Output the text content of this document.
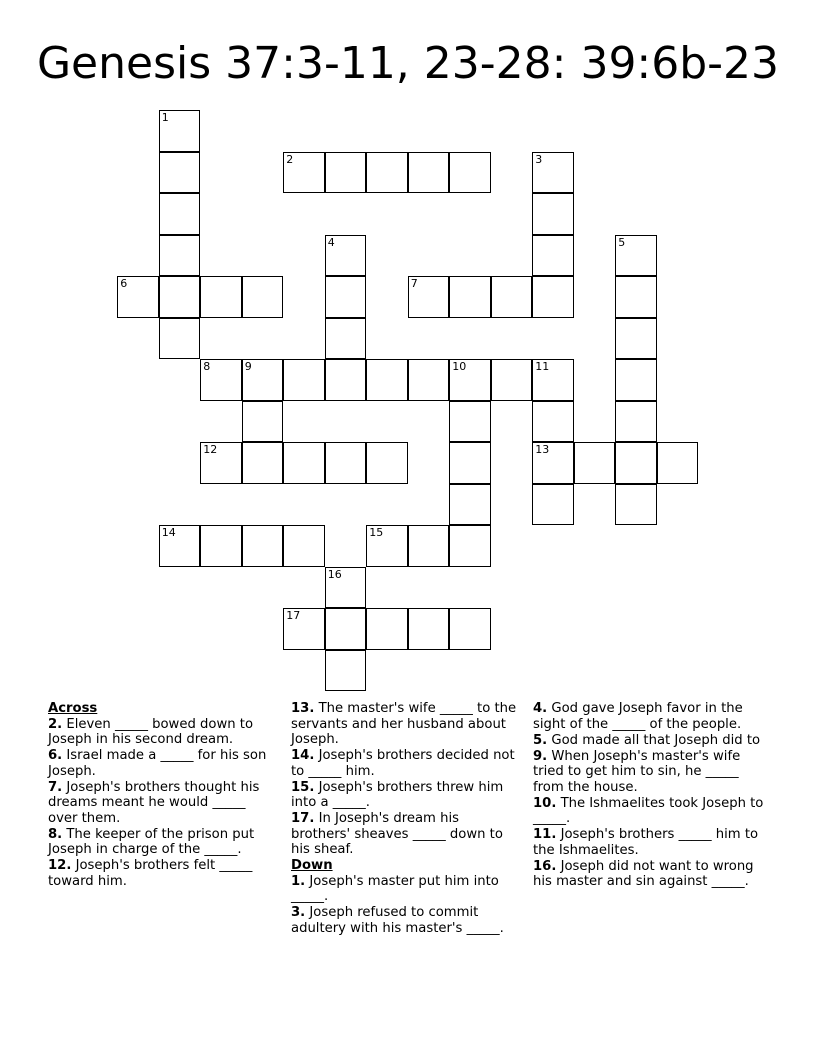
Genesis 37:3-11, 23-28: 39:6b-23
1
2	3
4	5
6	7
8	9	10	11
12	13
14	15
16
17
Across
2. Eleven _____ bowed down to Joseph in his second dream.
6. Israel made a _____ for his son Joseph.
7. Joseph's brothers thought his dreams meant he would _____ over them.
8. The keeper of the prison put Joseph in charge of the _____.
12. Joseph's brothers felt _____ toward him.
13. The master's wife _____ to the servants and her husband about Joseph.
14. Joseph's brothers decided not to _____ him.
15. Joseph's brothers threw him into a _____.
17. In Joseph's dream his brothers' sheaves _____ down to his sheaf.
Down
1. Joseph's master put him into _____.
3. Joseph refused to commit adultery with his master's _____.
4. God gave Joseph favor in the sight of the _____ of the people.
5. God made all that Joseph did to
9. When Joseph's master's wife tried to get him to sin, he _____ from the house.
10. The Ishmaelites took Joseph to _____.
11. Joseph's brothers _____ him to the Ishmaelites.
16. Joseph did not want to wrong his master and sin against _____.
